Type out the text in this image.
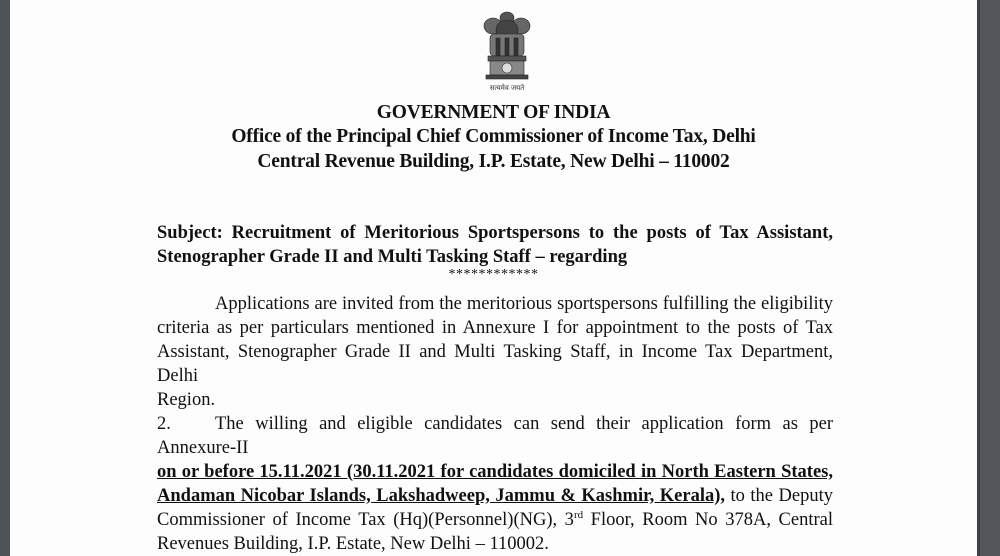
सत्यमेव जयते
GOVERNMENT OF INDIA
Office of the Principal Chief Commissioner of Income Tax, Delhi
Central Revenue Building, I.P. Estate, New Delhi – 110002
Subject: Recruitment of Meritorious Sportspersons to the posts of Tax Assistant,
Stenographer Grade II and Multi Tasking Staff – regarding
************
Applications are invited from the meritorious sportspersons fulfilling the eligibility
criteria as per particulars mentioned in Annexure I for appointment to the posts of Tax
Assistant, Stenographer Grade II and Multi Tasking Staff, in Income Tax Department, Delhi
Region.
2. The willing and eligible candidates can send their application form as per Annexure-II
on or before 15.11.2021 (30.11.2021 for candidates domiciled in North Eastern States,
Andaman Nicobar Islands, Lakshadweep, Jammu & Kashmir, Kerala), to the Deputy
Commissioner of Income Tax (Hq)(Personnel)(NG), 3rd Floor, Room No 378A, Central
Revenues Building, I.P. Estate, New Delhi – 110002.
